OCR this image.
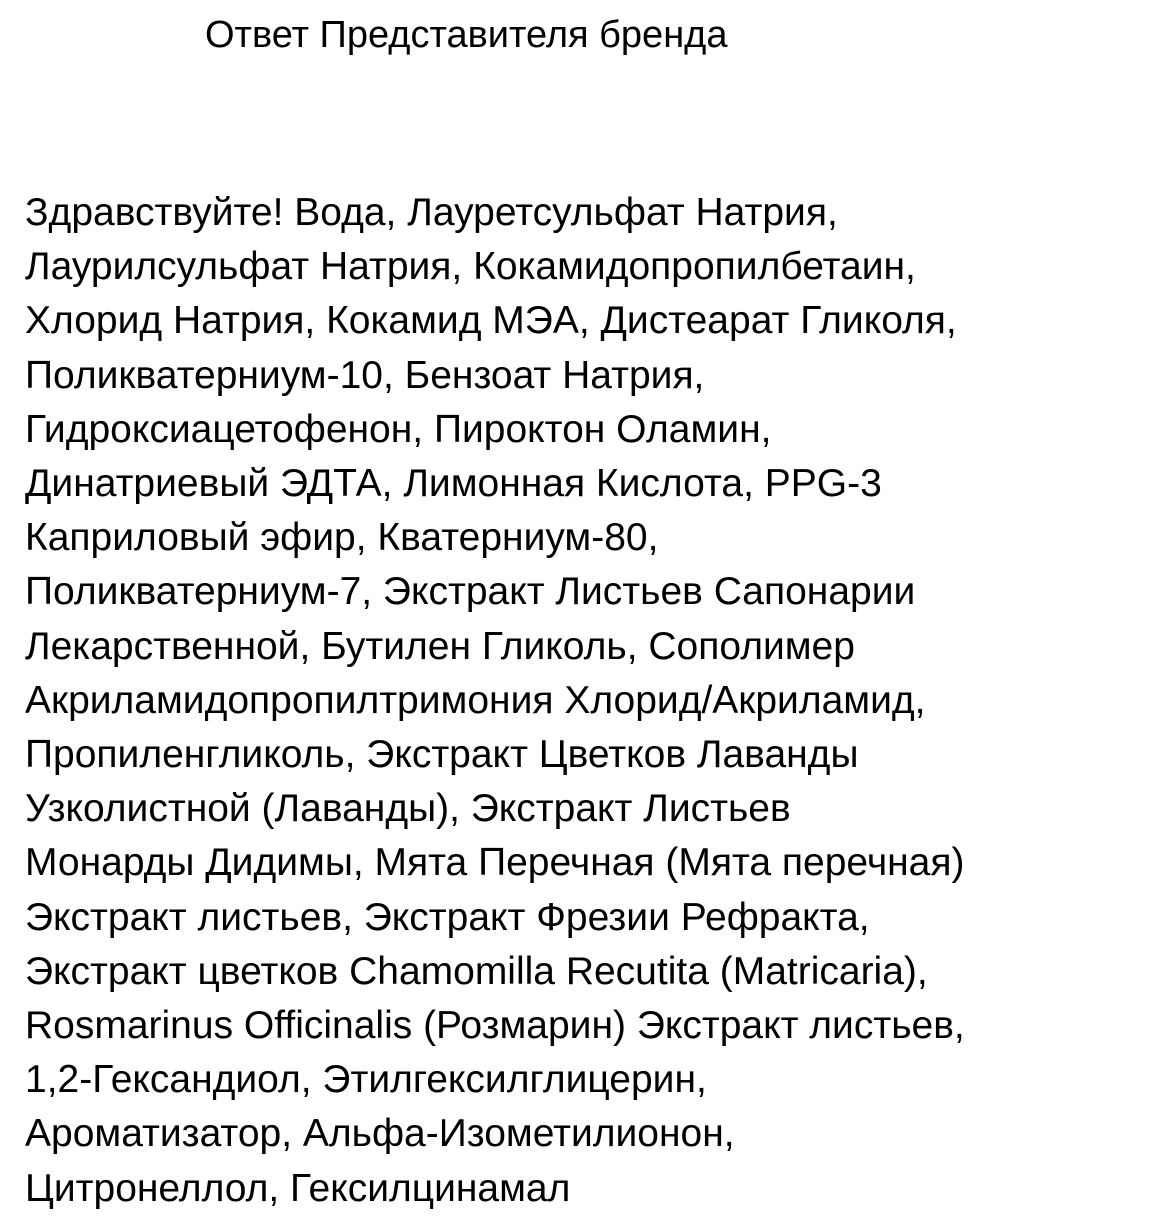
Ответ Представителя бренда
Здравствуйте! Вода, Лауретсульфат Натрия,
Лаурилсульфат Натрия, Кокамидопропилбетаин,
Хлорид Натрия, Кокамид МЭА, Дистеарат Гликоля,
Поликватерниум-10, Бензоат Натрия,
Гидроксиацетофенон, Пироктон Оламин,
Динатриевый ЭДТА, Лимонная Кислота, PPG-3
Каприловый эфир, Кватерниум-80,
Поликватерниум-7, Экстракт Листьев Сапонарии
Лекарственной, Бутилен Гликоль, Сополимер
Акриламидопропилтримония Хлорид/Акриламид,
Пропиленгликоль, Экстракт Цветков Лаванды
Узколистной (Лаванды), Экстракт Листьев
Монарды Дидимы, Мята Перечная (Мята перечная)
Экстракт листьев, Экстракт Фрезии Рефракта,
Экстракт цветков Chamomilla Recutita (Matricaria),
Rosmarinus Officinalis (Розмарин) Экстракт листьев,
1,2-Гександиол, Этилгексилглицерин,
Ароматизатор, Альфа-Изометилионон,
Цитронеллол, Гексилцинамал
